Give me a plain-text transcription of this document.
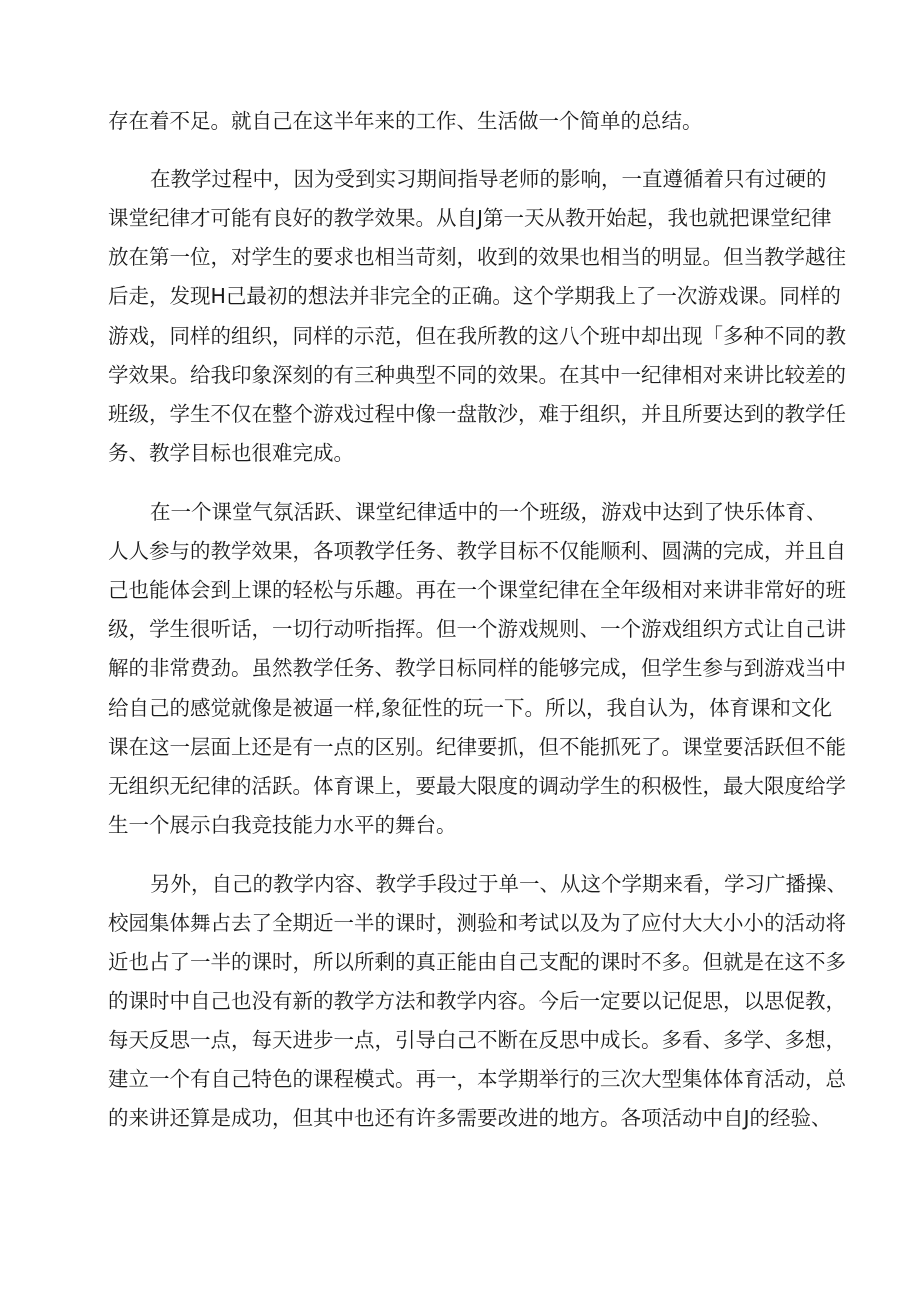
存在着不足。就自己在这半年来的工作、生活做一个简单的总结。

在教学过程中，因为受到实习期间指导老师的影响，一直遵循着只有过硬的

课堂纪律才可能有良好的教学效果。从自J第一天从教开始起，我也就把课堂纪律

放在第一位，对学生的要求也相当苛刻，收到的效果也相当的明显。但当教学越往

后走，发现H己最初的想法并非完全的正确。这个学期我上了一次游戏课。同样的

游戏，同样的组织，同样的示范，但在我所教的这八个班中却出现「多种不同的教

学效果。给我印象深刻的有三种典型不同的效果。在其中一纪律相对来讲比较差的

班级，学生不仅在整个游戏过程中像一盘散沙，难于组织，并且所要达到的教学任

务、教学目标也很难完成。

在一个课堂气氛活跃、课堂纪律适中的一个班级，游戏中达到了快乐体育、

人人参与的教学效果，各项教学任务、教学目标不仅能顺利、圆满的完成，并且自

己也能体会到上课的轻松与乐趣。再在一个课堂纪律在全年级相对来讲非常好的班

级，学生很听话，一切行动听指挥。但一个游戏规则、一个游戏组织方式让自己讲

解的非常费劲。虽然教学任务、教学日标同样的能够完成，但学生参与到游戏当中

给自己的感觉就像是被逼一样,象征性的玩一下。所以，我自认为，体育课和文化

课在这一层面上还是有一点的区别。纪律要抓，但不能抓死了。课堂要活跃但不能

无组织无纪律的活跃。体育课上，要最大限度的调动学生的积极性，最大限度给学

生一个展示白我竞技能力水平的舞台。

另外，自己的教学内容、教学手段过于单一、从这个学期来看，学习广播操、

校园集体舞占去了全期近一半的课时，测验和考试以及为了应付大大小小的活动将

近也占了一半的课时，所以所剩的真正能由自己支配的课时不多。但就是在这不多

的课时中自己也没有新的教学方法和教学内容。今后一定要以记促思，以思促教，

每天反思一点，每天进步一点，引导白己不断在反思中成长。多看、多学、多想，

建立一个有自己特色的课程模式。再一，本学期举行的三次大型集体体育活动，总

的来讲还算是成功，但其中也还有许多需要改进的地方。各项活动中自J的经验、
